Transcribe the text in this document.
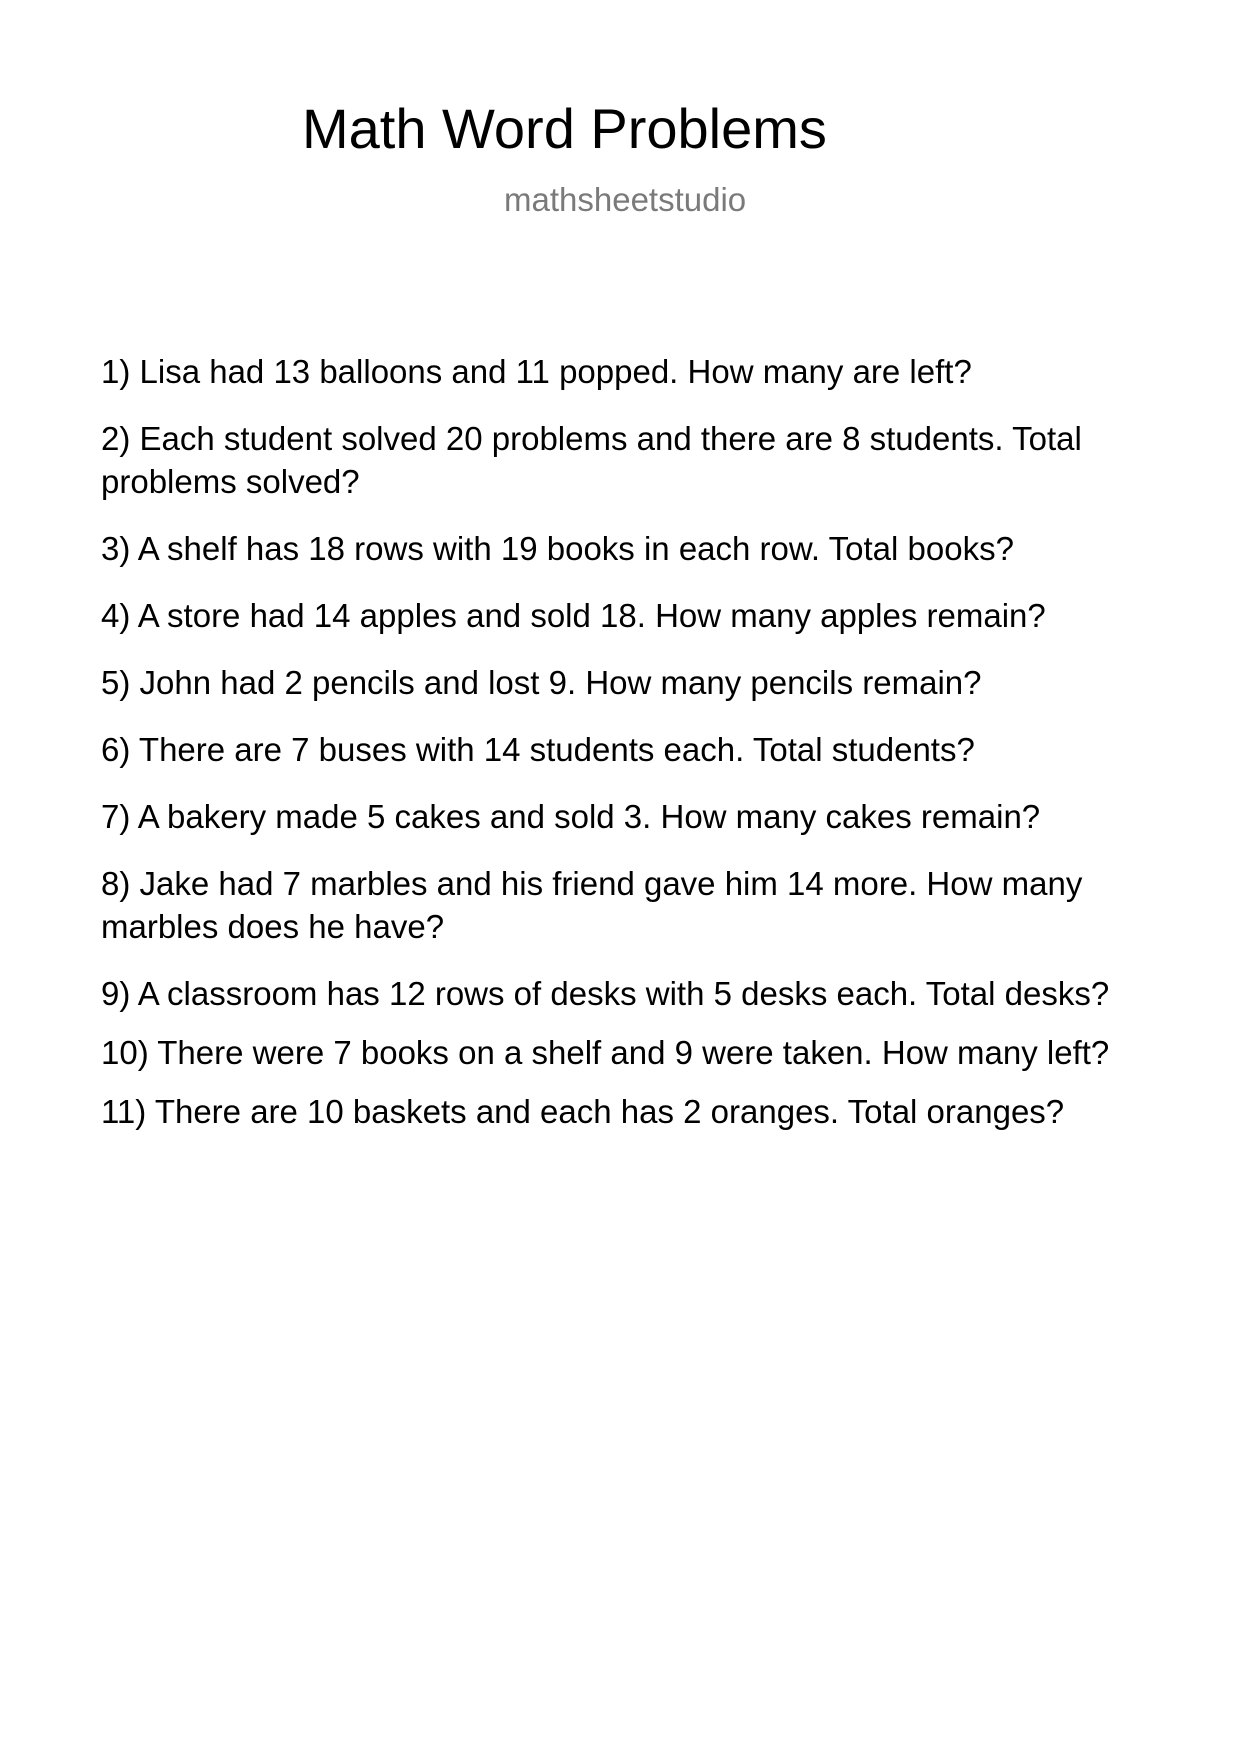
Math Word Problems
mathsheetstudio
1) Lisa had 13 balloons and 11 popped. How many are left?
2) Each student solved 20 problems and there are 8 students. Total problems solved?
3) A shelf has 18 rows with 19 books in each row. Total books?
4) A store had 14 apples and sold 18. How many apples remain?
5) John had 2 pencils and lost 9. How many pencils remain?
6) There are 7 buses with 14 students each. Total students?
7) A bakery made 5 cakes and sold 3. How many cakes remain?
8) Jake had 7 marbles and his friend gave him 14 more. How many marbles does he have?
9) A classroom has 12 rows of desks with 5 desks each. Total desks?
10) There were 7 books on a shelf and 9 were taken. How many left?
11) There are 10 baskets and each has 2 oranges. Total oranges?
